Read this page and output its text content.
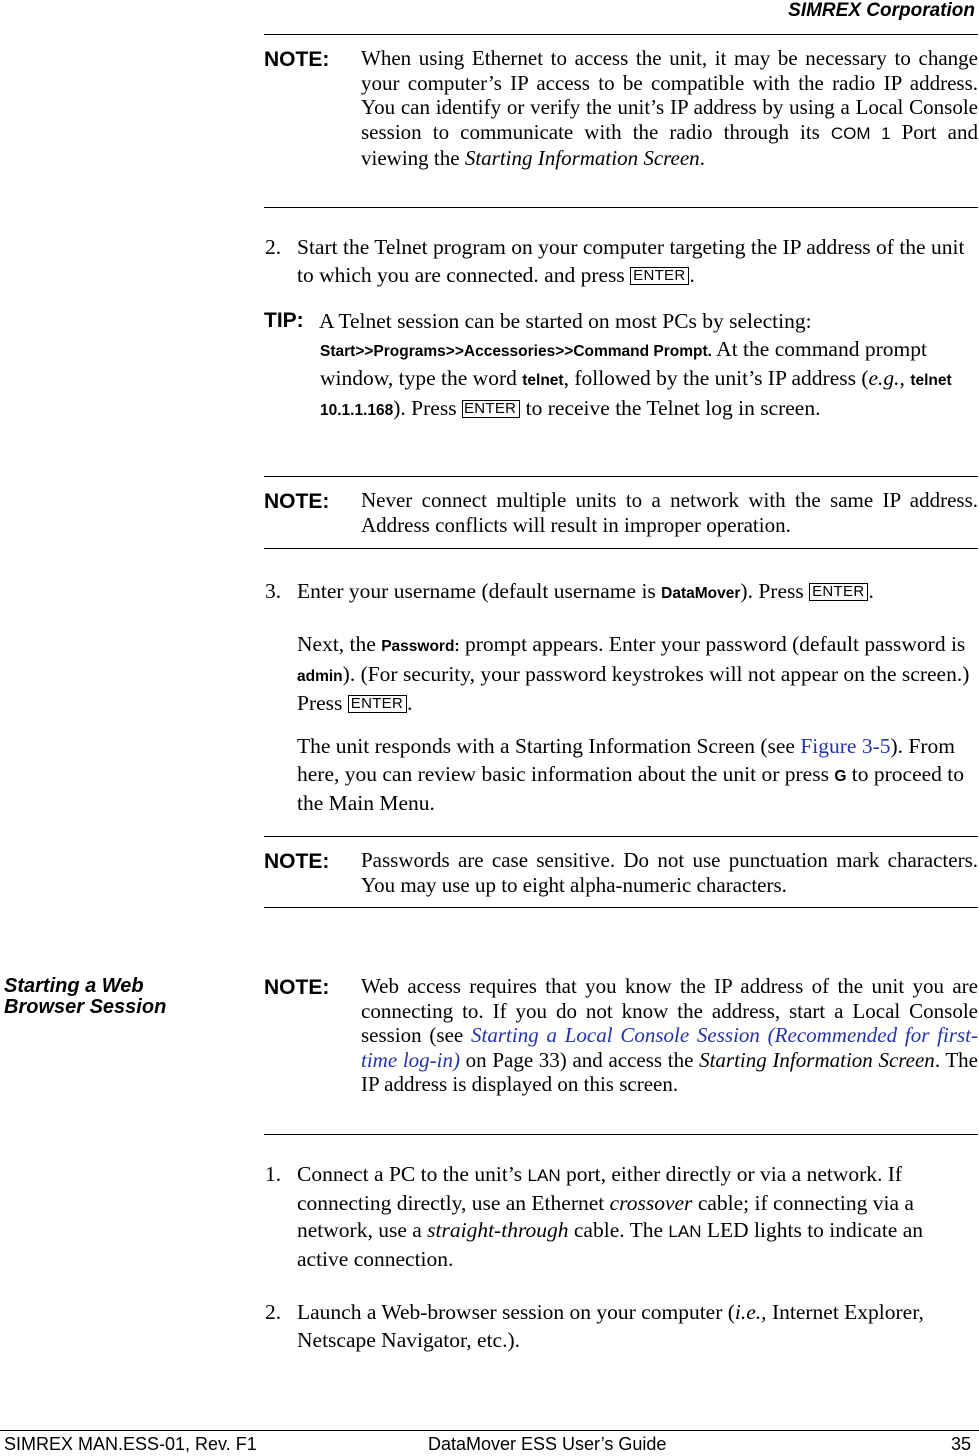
SIMREX Corporation
NOTE: When using Ethernet to access the unit, it may be necessary to change your computer’s IP access to be compatible with the radio IP address. You can identify or verify the unit’s IP address by using a Local Console session to communicate with the radio through its COM 1 Port and viewing the Starting Information Screen.
2. Start the Telnet program on your computer targeting the IP address of the unit to which you are connected. and press ENTER .
TIP: A Telnet session can be started on most PCs by selecting: Start>>Programs>>Accessories>>Command Prompt. At the command prompt window, type the word telnet, followed by the unit’s IP address (e.g., telnet 10.1.1.168). Press ENTER to receive the Telnet log in screen.
NOTE: Never connect multiple units to a network with the same IP address. Address conflicts will result in improper operation.
3. Enter your username (default username is DataMover). Press ENTER .
Next, the Password: prompt appears. Enter your password (default password is admin). (For security, your password keystrokes will not appear on the screen.) Press ENTER .
The unit responds with a Starting Information Screen (see Figure 3-5). From here, you can review basic information about the unit or press G to proceed to the Main Menu.
NOTE: Passwords are case sensitive. Do not use punctuation mark characters. You may use up to eight alpha-numeric characters.
Starting a Web
Browser Session
NOTE: Web access requires that you know the IP address of the unit you are connecting to. If you do not know the address, start a Local Console session (see Starting a Local Console Session (Recommended for first-time log-in) on Page 33) and access the Starting Information Screen. The IP address is displayed on this screen.
1. Connect a PC to the unit’s LAN port, either directly or via a network. If connecting directly, use an Ethernet crossover cable; if connecting via a network, use a straight-through cable. The LAN LED lights to indicate an active connection.
2. Launch a Web-browser session on your computer (i.e., Internet Explorer, Netscape Navigator, etc.).
SIMREX MAN.ESS-01, Rev. F1	DataMover ESS User’s Guide	35
